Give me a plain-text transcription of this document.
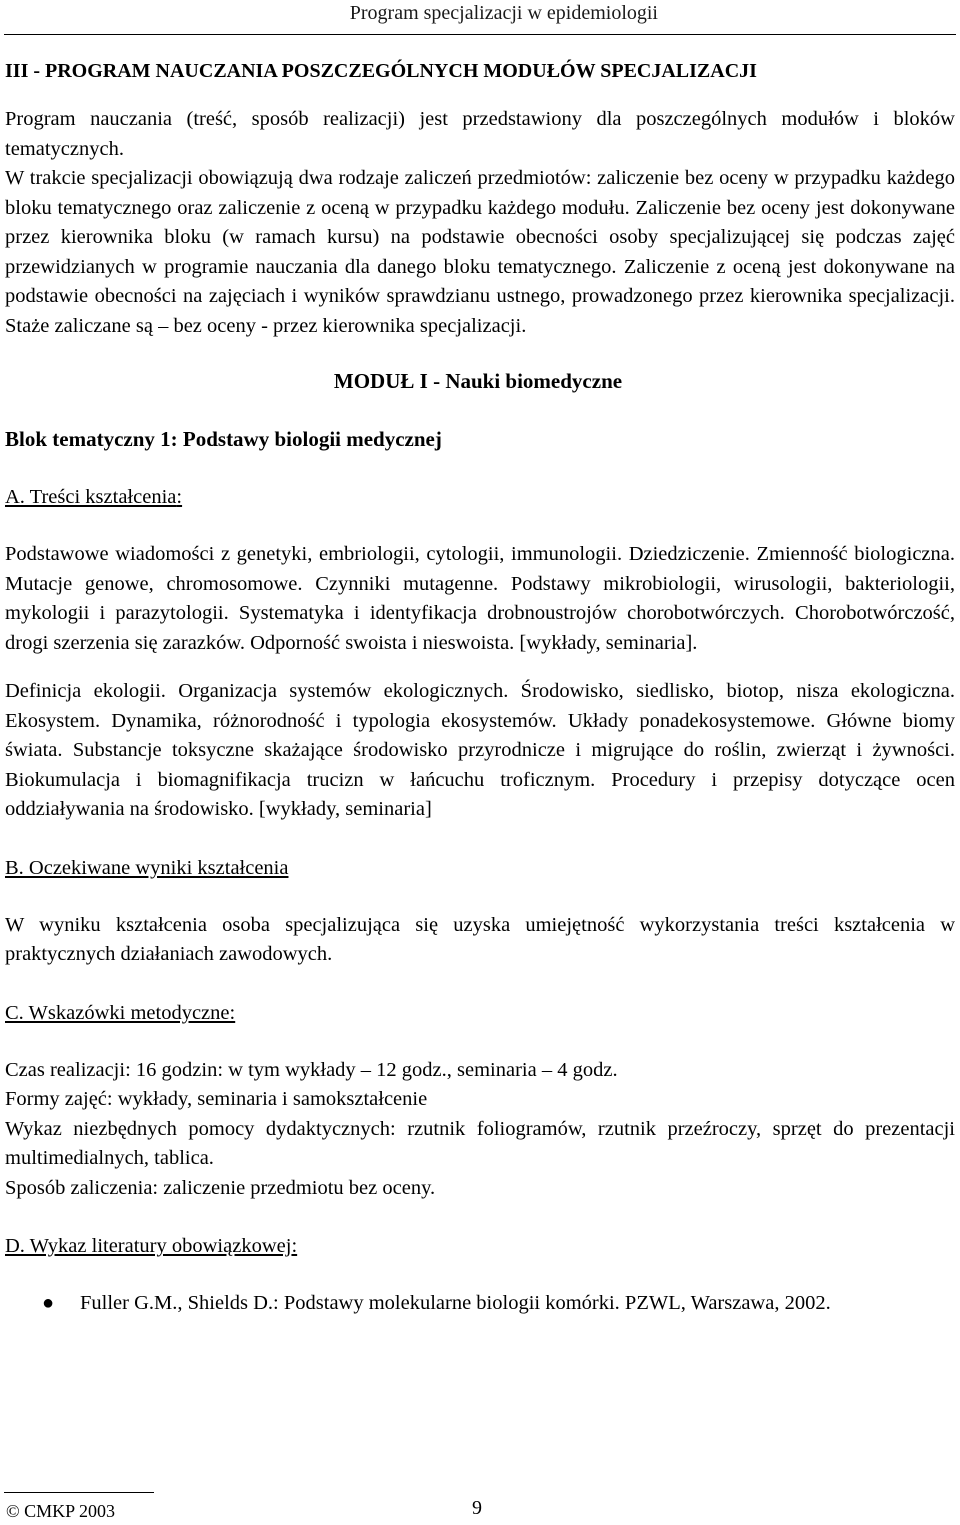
Program specjalizacji w epidemiologii

III - PROGRAM NAUCZANIA POSZCZEGÓLNYCH MODUŁÓW SPECJALIZACJI

Program nauczania (treść, sposób realizacji) jest przedstawiony dla poszczególnych modułów i bloków tematycznych.

W trakcie specjalizacji obowiązują dwa rodzaje zaliczeń przedmiotów: zaliczenie bez oceny w przypadku każdego bloku tematycznego oraz zaliczenie z oceną w przypadku każdego modułu. Zaliczenie bez oceny jest dokonywane przez kierownika bloku (w ramach kursu) na podstawie obecności osoby specjalizującej się podczas zajęć przewidzianych w programie nauczania dla danego bloku tematycznego. Zaliczenie z oceną jest dokonywane na podstawie obecności na zajęciach i wyników sprawdzianu ustnego, prowadzonego przez kierownika specjalizacji. Staże zaliczane są – bez oceny - przez kierownika specjalizacji.

MODUŁ I - Nauki biomedyczne

Blok tematyczny 1: Podstawy biologii medycznej

A. Treści kształcenia:

Podstawowe wiadomości z genetyki, embriologii, cytologii, immunologii. Dziedziczenie. Zmienność biologiczna. Mutacje genowe, chromosomowe. Czynniki mutagenne. Podstawy mikrobiologii, wirusologii, bakteriologii, mykologii i parazytologii. Systematyka i identyfikacja drobnoustrojów chorobotwórczych. Chorobotwórczość, drogi szerzenia się zarazków. Odporność swoista i nieswoista. [wykłady, seminaria].

Definicja ekologii. Organizacja systemów ekologicznych. Środowisko, siedlisko, biotop, nisza ekologiczna. Ekosystem. Dynamika, różnorodność i typologia ekosystemów. Układy ponadekosystemowe. Główne biomy świata. Substancje toksyczne skażające środowisko przyrodnicze i migrujące do roślin, zwierząt i żywności. Biokumulacja i biomagnifikacja trucizn w łańcuchu troficznym. Procedury i przepisy dotyczące ocen oddziaływania na środowisko. [wykłady, seminaria]

B. Oczekiwane wyniki kształcenia

W wyniku kształcenia osoba specjalizująca się uzyska umiejętność wykorzystania treści kształcenia w praktycznych działaniach zawodowych.

C. Wskazówki metodyczne:

Czas realizacji: 16 godzin: w tym wykłady – 12 godz., seminaria – 4 godz.

Formy zajęć: wykłady, seminaria i samokształcenie

Wykaz niezbędnych pomocy dydaktycznych: rzutnik foliogramów, rzutnik przeźroczy, sprzęt do prezentacji multimedialnych, tablica.

Sposób zaliczenia: zaliczenie przedmiotu bez oceny.

D. Wykaz literatury obowiązkowej:

● Fuller G.M., Shields D.: Podstawy molekularne biologii komórki. PZWL, Warszawa, 2002.
© CMKP 2003	9
